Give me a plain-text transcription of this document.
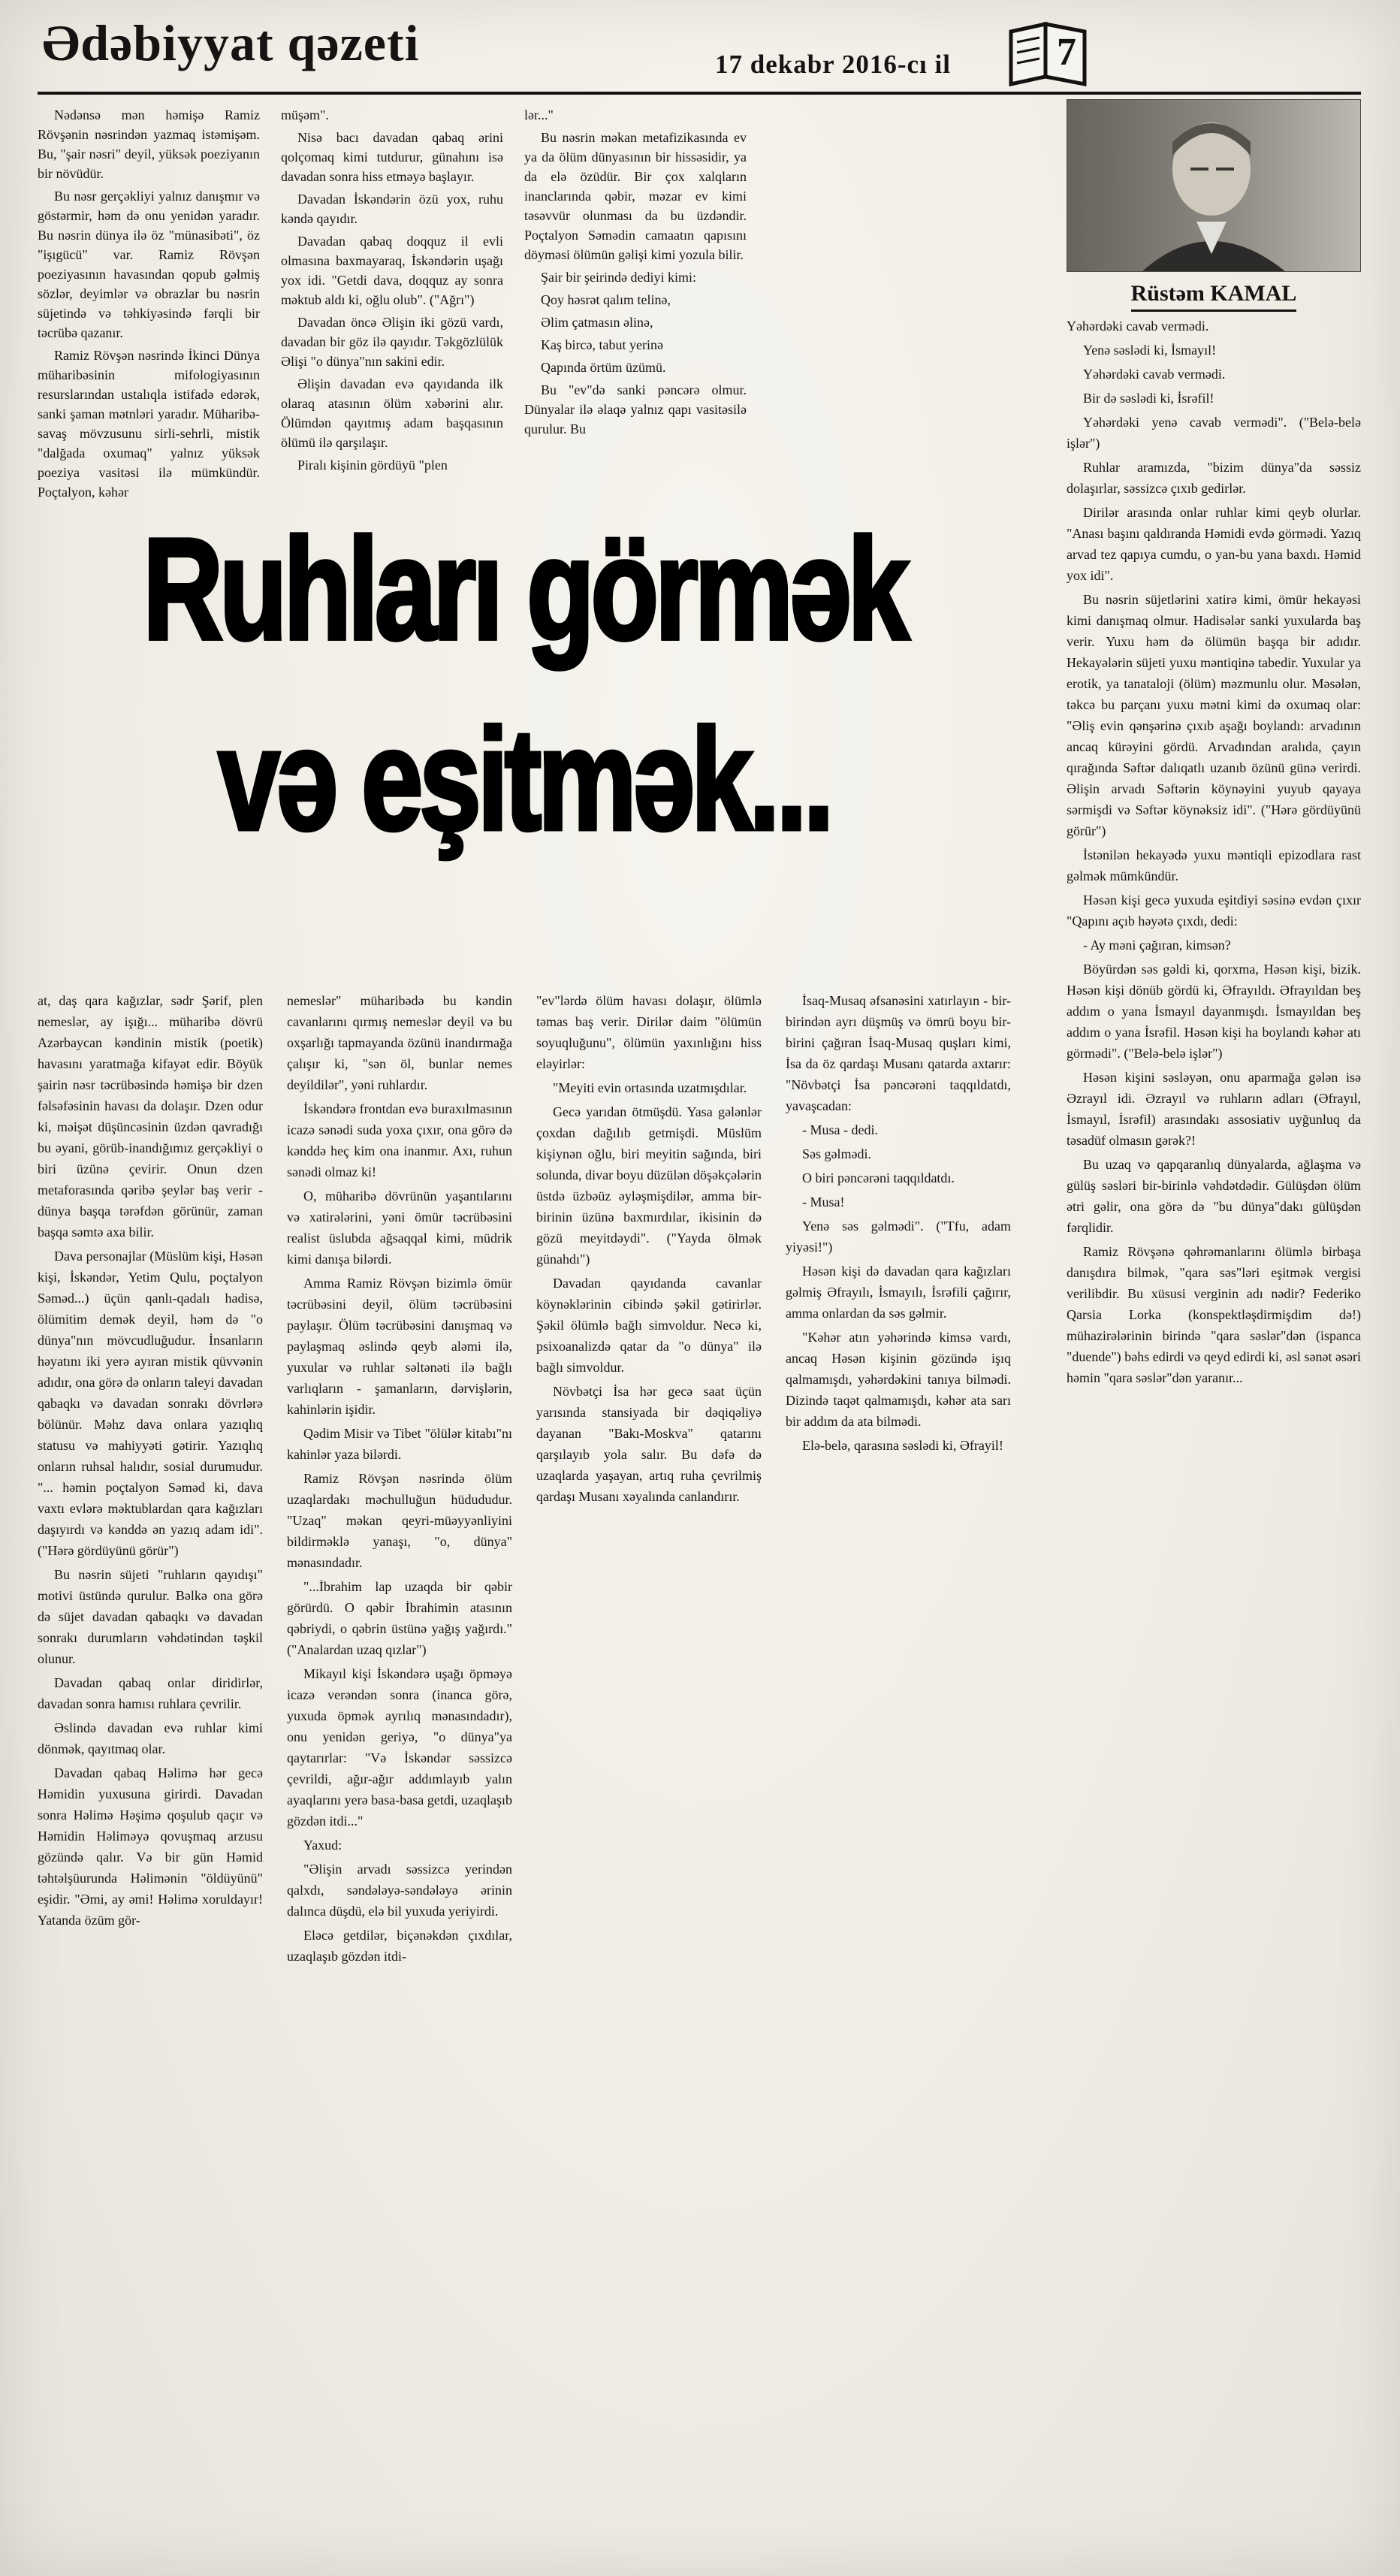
Ədəbiyyat qəzeti	17 dekabr 2016-cı il	7

Nədənsə mən həmişə Ramiz Rövşənin nəsrindən yazmaq istəmişəm. Bu, "şair nəsri" deyil, yüksək poeziyanın bir növüdür.

Bu nəsr gerçəkliyi yalnız danışmır və göstərmir, həm də onu yenidən yaradır. Bu nəsrin dünya ilə öz "münasibəti", öz "işıgücü" var. Ramiz Rövşən poeziyasının havasından qopub gəlmiş sözlər, deyimlər və obrazlar bu nəsrin süjetində və təhkiyəsində fərqli bir təcrübə qazanır.

Ramiz Rövşən nəsrində İkinci Dünya müharibəsinin mifologiyasının resurslarından ustalıqla istifadə edərək, sanki şaman mətnləri yaradır. Müharibə-savaş mövzusunu sirli-sehrli, mistik "dalğada oxumaq" yalnız yüksək poeziya vasitəsi ilə mümkündür. Poçtalyon, kəhər

müşəm".

Nisə bacı davadan qabaq ərini qolçomaq kimi tutdurur, günahını isə davadan sonra hiss etməyə başlayır.

Davadan İskəndərin özü yox, ruhu kəndə qayıdır.

Davadan qabaq doqquz il evli olmasına baxmayaraq, İskəndərin uşağı yox idi. "Getdi dava, doqquz ay sonra məktub aldı ki, oğlu olub". ("Ağrı")

Davadan öncə Əlişin iki gözü vardı, davadan bir göz ilə qayıdır. Təkgözlülük Əlişi "o dünya"nın sakini edir.

Əlişin davadan evə qayıdanda ilk olaraq atasının ölüm xəbərini alır. Ölümdən qayıtmış adam başqasının ölümü ilə qarşılaşır.

Piralı kişinin gördüyü "plen

lər..."

Bu nəsrin məkan metafizikasında ev ya da ölüm dünyasının bir hissəsidir, ya da elə özüdür. Bir çox xalqların inanclarında qəbir, məzar ev kimi təsəvvür olunması da bu üzdəndir. Poçtalyon Səmədin camaatın qapısını döyməsi ölümün gəlişi kimi yozula bilir.

Şair bir şeirində dediyi kimi:

Qoy həsrət qalım telinə,

Əlim çatmasın əlinə,

Kaş bircə, tabut yerinə

Qapında örtüm üzümü.

Bu "ev"də sanki pəncərə olmur. Dünyalar ilə əlaqə yalnız qapı vasitəsilə qurulur. Bu

Ruhları görmək
və eşitmək...

at, daş qara kağızlar, sədr Şərif, plen nemeslər, ay işığı... müharibə dövrü Azərbaycan kəndinin mistik (poetik) havasını yaratmağa kifayət edir. Böyük şairin nəsr təcrübəsində həmişə bir dzen fəlsəfəsinin havası da dolaşır. Dzen odur ki, məişət düşüncəsinin üzdən qavradığı bu əyani, görüb-inandığımız gerçəkliyi o biri üzünə çevirir. Onun dzen metaforasında qəribə şeylər baş verir - dünya başqa tərəfdən görünür, zaman başqa səmtə axa bilir.

Dava personajlar (Müslüm kişi, Həsən kişi, İskəndər, Yetim Qulu, poçtalyon Səməd...) üçün qanlı-qadalı hadisə, ölümitim demək deyil, həm də "o dünya"nın mövcudluğudur. İnsanların həyatını iki yerə ayıran mistik qüvvənin adıdır, ona görə də onların taleyi davadan qabaqkı və davadan sonrakı dövrlərə bölünür. Məhz dava onlara yazıqlıq statusu və mahiyyəti gətirir. Yazıqlıq onların ruhsal halıdır, sosial durumudur. "... həmin poçtalyon Səməd ki, dava vaxtı evlərə məktublardan qara kağızları daşıyırdı və kənddə ən yazıq adam idi". ("Hərə gördüyünü görür")

Bu nəsrin süjeti "ruhların qayıdışı" motivi üstündə qurulur. Bəlkə ona görə də süjet davadan qabaqkı və davadan sonrakı durumların vəhdətindən təşkil olunur.

Davadan qabaq onlar diridirlər, davadan sonra hamısı ruhlara çevrilir.

Əslində davadan evə ruhlar kimi dönmək, qayıtmaq olar.

Davadan qabaq Həlimə hər gecə Həmidin yuxusuna girirdi. Davadan sonra Həlimə Həşimə qoşulub qaçır və Həmidin Həliməyə qovuşmaq arzusu gözündə qalır. Və bir gün Həmid təhtəlşüurunda Həlimənin "öldüyünü" eşidir. "Əmi, ay əmi! Həlimə xoruldayır! Yatanda özüm gör-

nemeslər" müharibədə bu kəndin cavanlarını qırmış nemeslər deyil və bu oxşarlığı tapmayanda özünü inandırmağa çalışır ki, "sən öl, bunlar nemes deyildilər", yəni ruhlardır.

İskəndərə frontdan evə buraxılmasının icazə sənədi suda yoxa çıxır, ona görə də kənddə heç kim ona inanmır. Axı, ruhun sənədi olmaz ki!

O, müharibə dövrünün yaşantılarını və xatirələrini, yəni ömür təcrübəsini realist üslubda ağsaqqal kimi, müdrik kimi danışa bilərdi.

Amma Ramiz Rövşən bizimlə ömür təcrübəsini deyil, ölüm təcrübəsini paylaşır. Ölüm təcrübəsini danışmaq və paylaşmaq əslində qeyb aləmi ilə, yuxular və ruhlar səltənəti ilə bağlı varlıqların - şamanların, dərvişlərin, kahinlərin işidir.

Qədim Misir və Tibet "ölülər kitabı"nı kahinlər yaza bilərdi.

Ramiz Rövşən nəsrində ölüm uzaqlardakı məchulluğun hüdududur. "Uzaq" məkan qeyri-müəyyənliyini bildirməklə yanaşı, "o, dünya" mənasındadır.

"...İbrahim lap uzaqda bir qəbir görürdü. O qəbir İbrahimin atasının qəbriydi, o qəbrin üstünə yağış yağırdı." ("Analardan uzaq qızlar")

Mikayıl kişi İskəndərə uşağı öpməyə icazə verəndən sonra (inanca görə, yuxuda öpmək ayrılıq mənasındadır), onu yenidən geriyə, "o dünya"ya qaytarırlar: "Və İskəndər səssizcə çevrildi, ağır-ağır addımlayıb yalın ayaqlarını yerə basa-basa getdi, uzaqlaşıb gözdən itdi..."

Yaxud:

"Əlişin arvadı səssizcə yerindən qalxdı, səndələyə-səndələyə ərinin dalınca düşdü, elə bil yuxuda yeriyirdi.

Eləcə getdilər, biçənəkdən çıxdılar, uzaqlaşıb gözdən itdi-

"ev"lərdə ölüm havası dolaşır, ölümlə təmas baş verir. Dirilər daim "ölümün soyuqluğunu", ölümün yaxınlığını hiss eləyirlər:

"Meyiti evin ortasında uzatmışdılar.

Gecə yarıdan ötmüşdü. Yasa gələnlər çoxdan dağılıb getmişdi. Müslüm kişiynən oğlu, biri meyitin sağında, biri solunda, divar boyu düzülən döşəkçələrin üstdə üzbəüz əyləşmişdilər, amma bir-birinin üzünə baxmırdılar, ikisinin də gözü meyitdəydi". ("Yayda ölmək günahdı")

Davadan qayıdanda cavanlar köynəklərinin cibində şəkil gətirirlər. Şəkil ölümlə bağlı simvoldur. Necə ki, psixoanalizdə qatar da "o dünya" ilə bağlı simvoldur.

Növbətçi İsa hər gecə saat üçün yarısında stansiyada bir dəqiqəliyə dayanan "Bakı-Moskva" qatarını qarşılayıb yola salır. Bu dəfə də uzaqlarda yaşayan, artıq ruha çevrilmiş qardaşı Musanı xəyalında canlandırır.

İsaq-Musaq əfsanəsini xatırlayın - bir-birindən ayrı düşmüş və ömrü boyu bir-birini çağıran İsaq-Musaq quşları kimi, İsa da öz qardaşı Musanı qatarda axtarır: "Növbətçi İsa pəncərəni taqqıldatdı, yavaşcadan:

- Musa - dedi.

Səs gəlmədi.

O biri pəncərəni taqqıldatdı.

- Musa!

Yenə səs gəlmədi". ("Tfu, adam yiyəsi!")

Həsən kişi də davadan qara kağızları gəlmiş Əfrayılı, İsmayılı, İsrəfili çağırır, amma onlardan da səs gəlmir.

"Kəhər atın yəhərində kimsə vardı, ancaq Həsən kişinin gözündə işıq qalmamışdı, yəhərdəkini tanıya bilmədi. Dizində taqət qalmamışdı, kəhər ata sarı bir addım da ata bilmədi.

Elə-belə, qarasına səslədi ki, Əfrayil!

Rüstəm KAMAL

Yəhərdəki cavab vermədi.

Yenə səslədi ki, İsmayıl!

Yəhərdəki cavab vermədi.

Bir də səslədi ki, İsrəfil!

Yəhərdəki yenə cavab vermədi". ("Belə-belə işlər")

Ruhlar aramızda, "bizim dünya"da səssiz dolaşırlar, səssizcə çıxıb gedirlər.

Dirilər arasında onlar ruhlar kimi qeyb olurlar. "Anası başını qaldıranda Həmidi evdə görmədi. Yazıq arvad tez qapıya cumdu, o yan-bu yana baxdı. Həmid yox idi".

Bu nəsrin süjetlərini xatirə kimi, ömür hekayəsi kimi danışmaq olmur. Hadisələr sanki yuxularda baş verir. Yuxu həm də ölümün başqa bir adıdır. Hekayələrin süjeti yuxu məntiqinə tabedir. Yuxular ya erotik, ya tanataloji (ölüm) məzmunlu olur. Məsələn, təkcə bu parçanı yuxu mətni kimi də oxumaq olar: "Əliş evin qənşərinə çıxıb aşağı boylandı: arvadının ancaq kürəyini gördü. Arvadından aralıda, çayın qırağında Səftər dalıqatlı uzanıb özünü günə verirdi. Əlişin arvadı Səftərin köynəyini yuyub qayaya sərmişdi və Səftər köynəksiz idi". ("Hərə gördüyünü görür")

İstənilən hekayədə yuxu məntiqli epizodlara rast gəlmək mümkündür.

Həsən kişi gecə yuxuda eşitdiyi səsinə evdən çıxır "Qapını açıb həyətə çıxdı, dedi:

- Ay məni çağıran, kimsən?

Böyürdən səs gəldi ki, qorxma, Həsən kişi, bizik. Həsən kişi dönüb gördü ki, Əfrayıldı. Əfrayıldan beş addım o yana İsmayıl dayanmışdı. İsmayıldan beş addım o yana İsrəfil. Həsən kişi ha boylandı kəhər atı görmədi". ("Belə-belə işlər")

Həsən kişini səsləyən, onu aparmağa gələn isə Əzrayıl idi. Əzrayıl və ruhların adları (Əfrayıl, İsmayıl, İsrəfil) arasındakı assosiativ uyğunluq da təsadüf olmasın gərək?!

Bu uzaq və qapqaranlıq dünyalarda, ağlaşma və gülüş səsləri bir-birinlə vəhdətdədir. Gülüşdən ölüm ətri gəlir, ona görə də "bu dünya"dakı gülüşdən fərqlidir.

Ramiz Rövşənə qəhrəmanlarını ölümlə birbaşa danışdıra bilmək, "qara səs"ləri eşitmək vergisi verilibdir. Bu xüsusi verginin adı nədir? Federiko Qarsia Lorka (konspektləşdirmişdim də!) mühazirələrinin birində "qara səslər"dən (ispanca "duende") bəhs edirdi və qeyd edirdi ki, əsl sənət əsəri həmin "qara səslər"dən yaranır...
